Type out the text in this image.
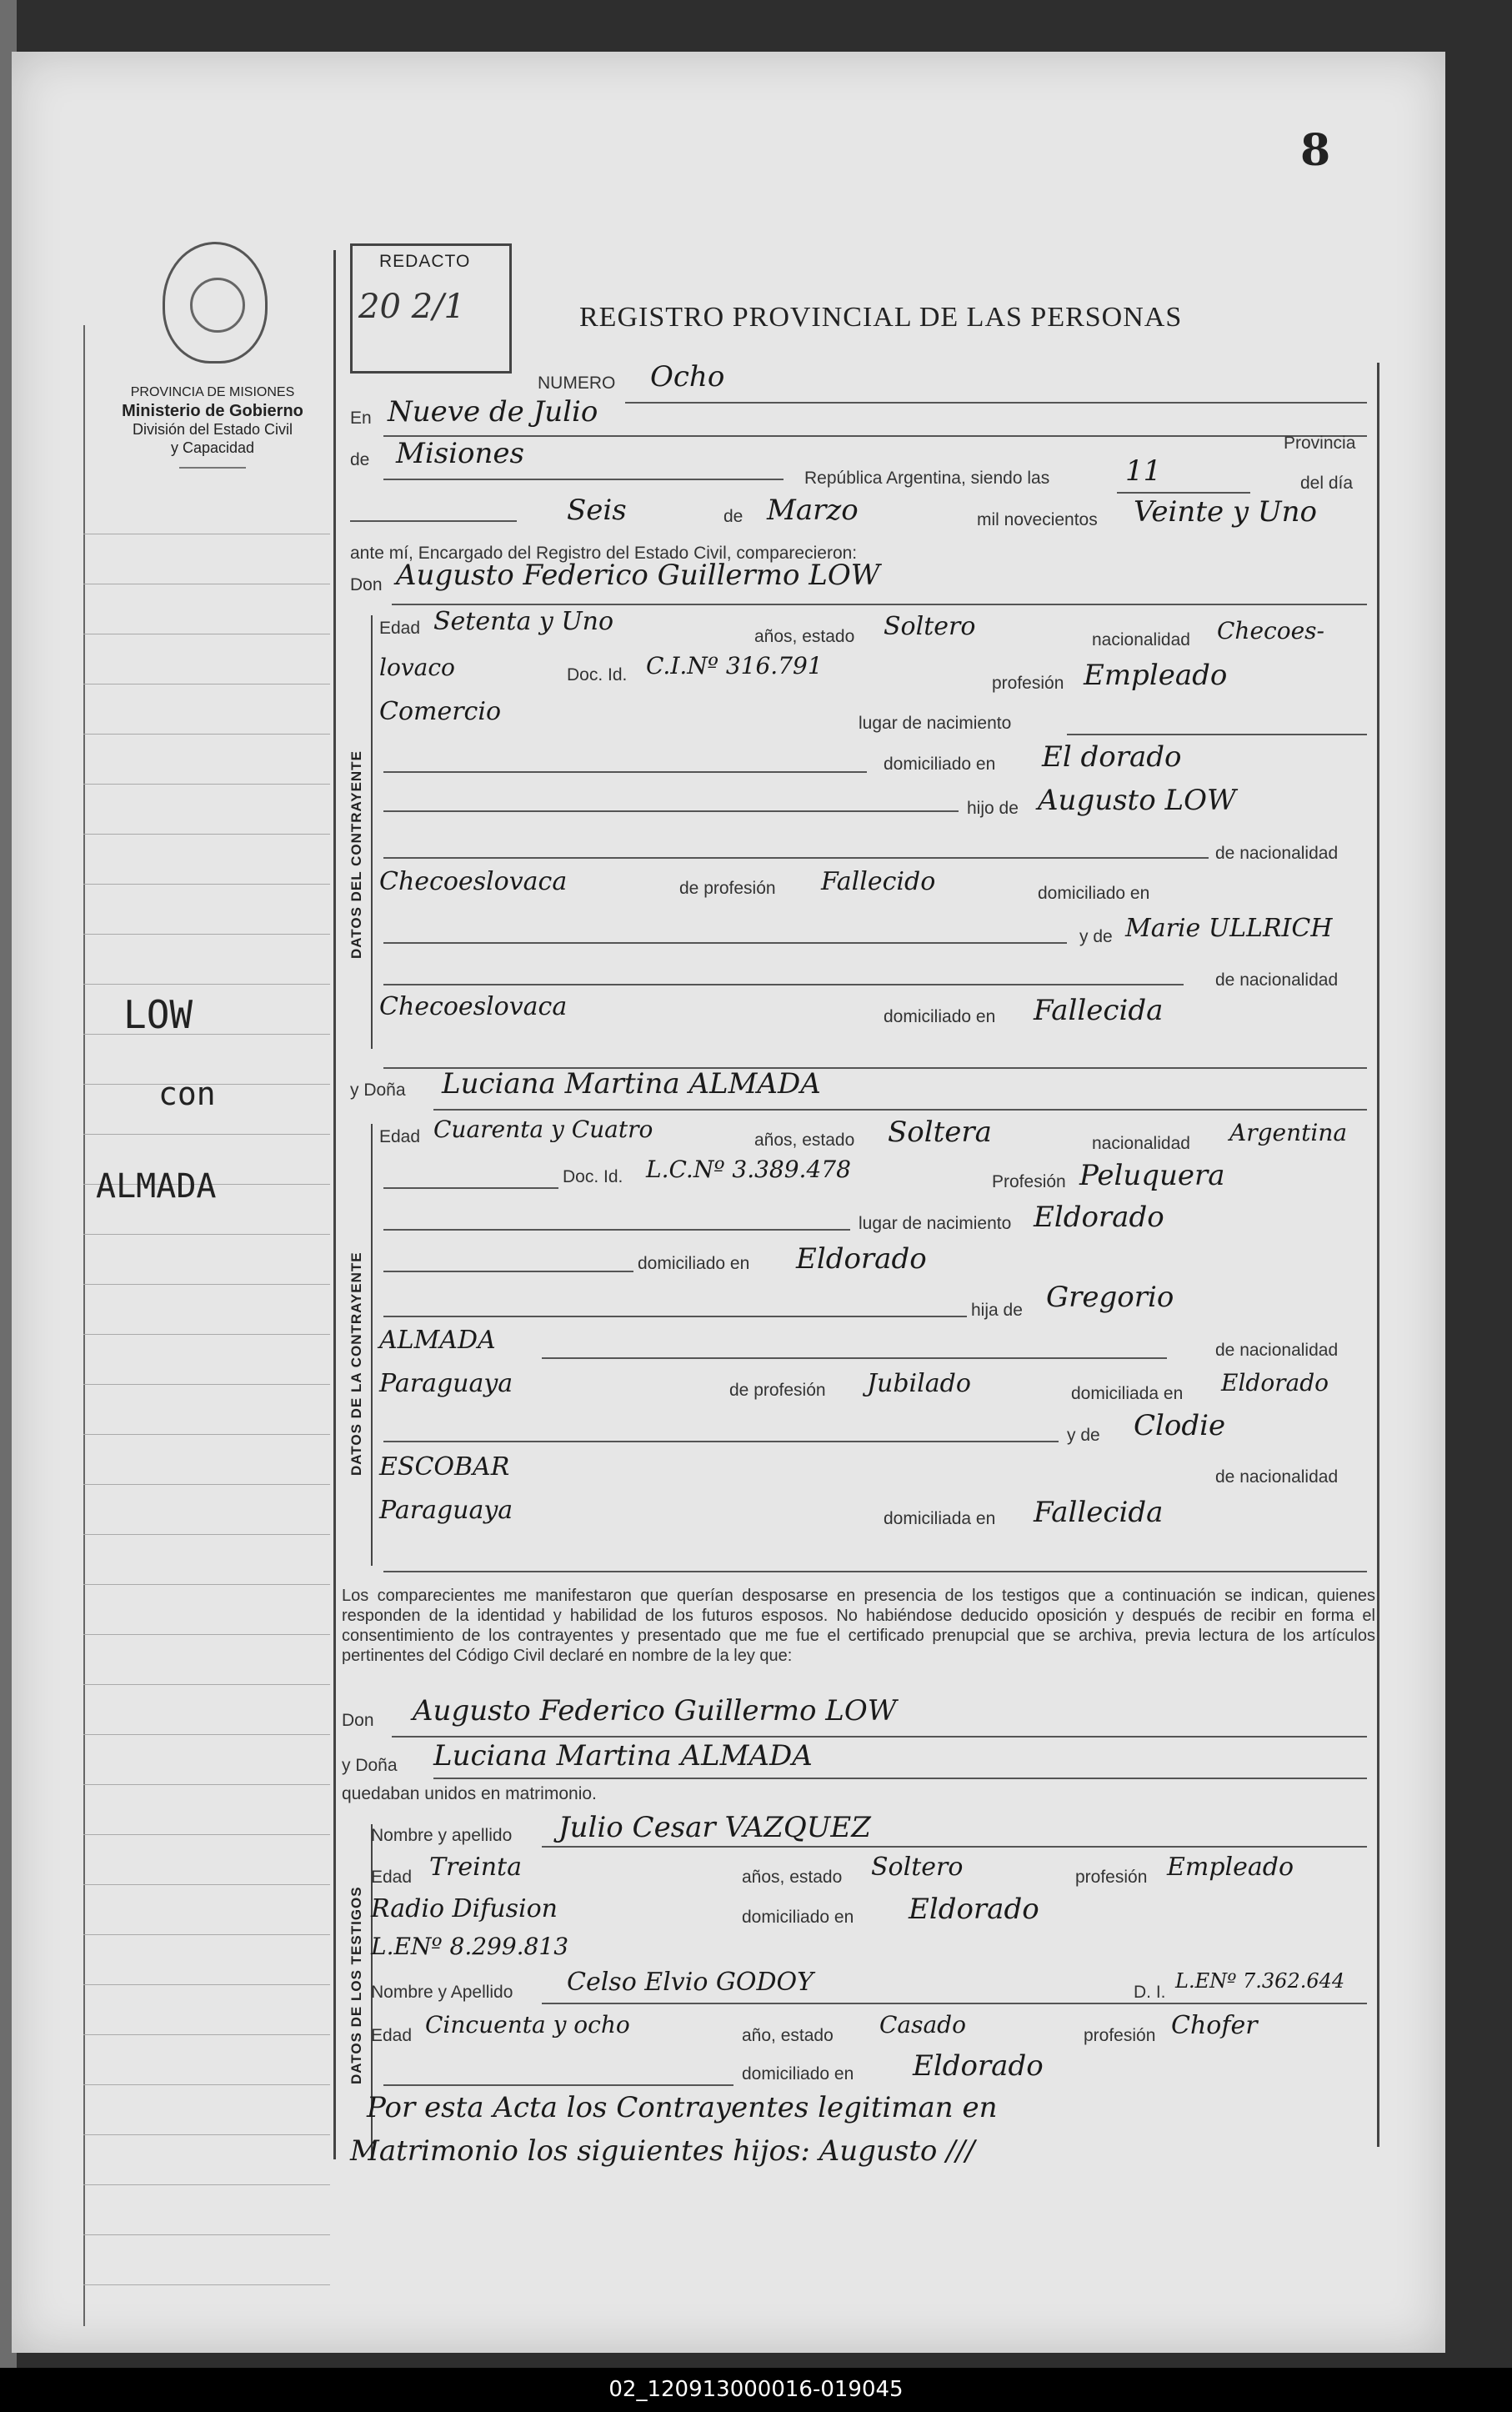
8
REDACTO
20 2/1	REGISTRO PROVINCIAL DE LAS PERSONAS
PROVINCIA DE MISIONES
Ministerio de Gobierno
División del Estado Civil
y Capacidad
LOW
con
ALMADA
DATOS DEL CONTRAYENTE
DATOS DE LA CONTRAYENTE
DATOS DE LOS TESTIGOS
NUMERO Ocho
En Nueve de Julio
de Misiones	Provincia
República Argentina, siendo las	11	del día
Seis	de Marzo	mil novecientos Veinte y Uno
ante mí, Encargado del Registro del Estado Civil, comparecieron:
Don Augusto Federico Guillermo LOW
Edad Setenta y Uno
años, estado Soltero	nacionalidad Checoes-
lovaco	Doc. Id. C.I.Nº 316.791
profesión Empleado
Comercio	lugar de nacimiento
domiciliado en El dorado
hijo de Augusto LOW
de nacionalidad
Checoeslovaca	de profesión Fallecido	domiciliado en
y de Marie ULLRICH
de nacionalidad
Checoeslovaca	domiciliado en Fallecida
y Doña Luciana Martina ALMADA
Edad Cuarenta y Cuatro	años, estado Soltera	nacionalidad Argentina
Doc. Id. L.C.Nº 3.389.478	Profesión Peluquera
lugar de nacimiento Eldorado
domiciliado en Eldorado
hija de Gregorio
ALMADA	de nacionalidad
Paraguaya	de profesión Jubilado	domiciliada en Eldorado
y de Clodie
ESCOBAR	de nacionalidad
Paraguaya	domiciliada en Fallecida
Los comparecientes me manifestaron que querían desposarse en presencia de los testigos que a continuación se indican, quienes responden de la identidad y habilidad de los futuros esposos. No habiéndose deducido oposición y después de recibir en forma el consentimiento de los contrayentes y presentado que me fue el certificado prenupcial que se archiva, previa lectura de los artículos pertinentes del Código Civil declaré en nombre de la ley que:
Don Augusto Federico Guillermo LOW
y Doña Luciana Martina ALMADA
quedaban unidos en matrimonio.
Nombre y apellido Julio Cesar VAZQUEZ
Edad Treinta	años, estado Soltero	profesión Empleado
Radio Difusion	domiciliado en Eldorado
L.ENº 8.299.813
Nombre y Apellido Celso Elvio GODOY	D. I. L.ENº 7.362.644
Edad Cincuenta y ocho	año, estado Casado	profesión Chofer
domiciliado en Eldorado
Por esta Acta los Contrayentes legitiman en
Matrimonio los siguientes hijos: Augusto ///
02_120913000016-019045
